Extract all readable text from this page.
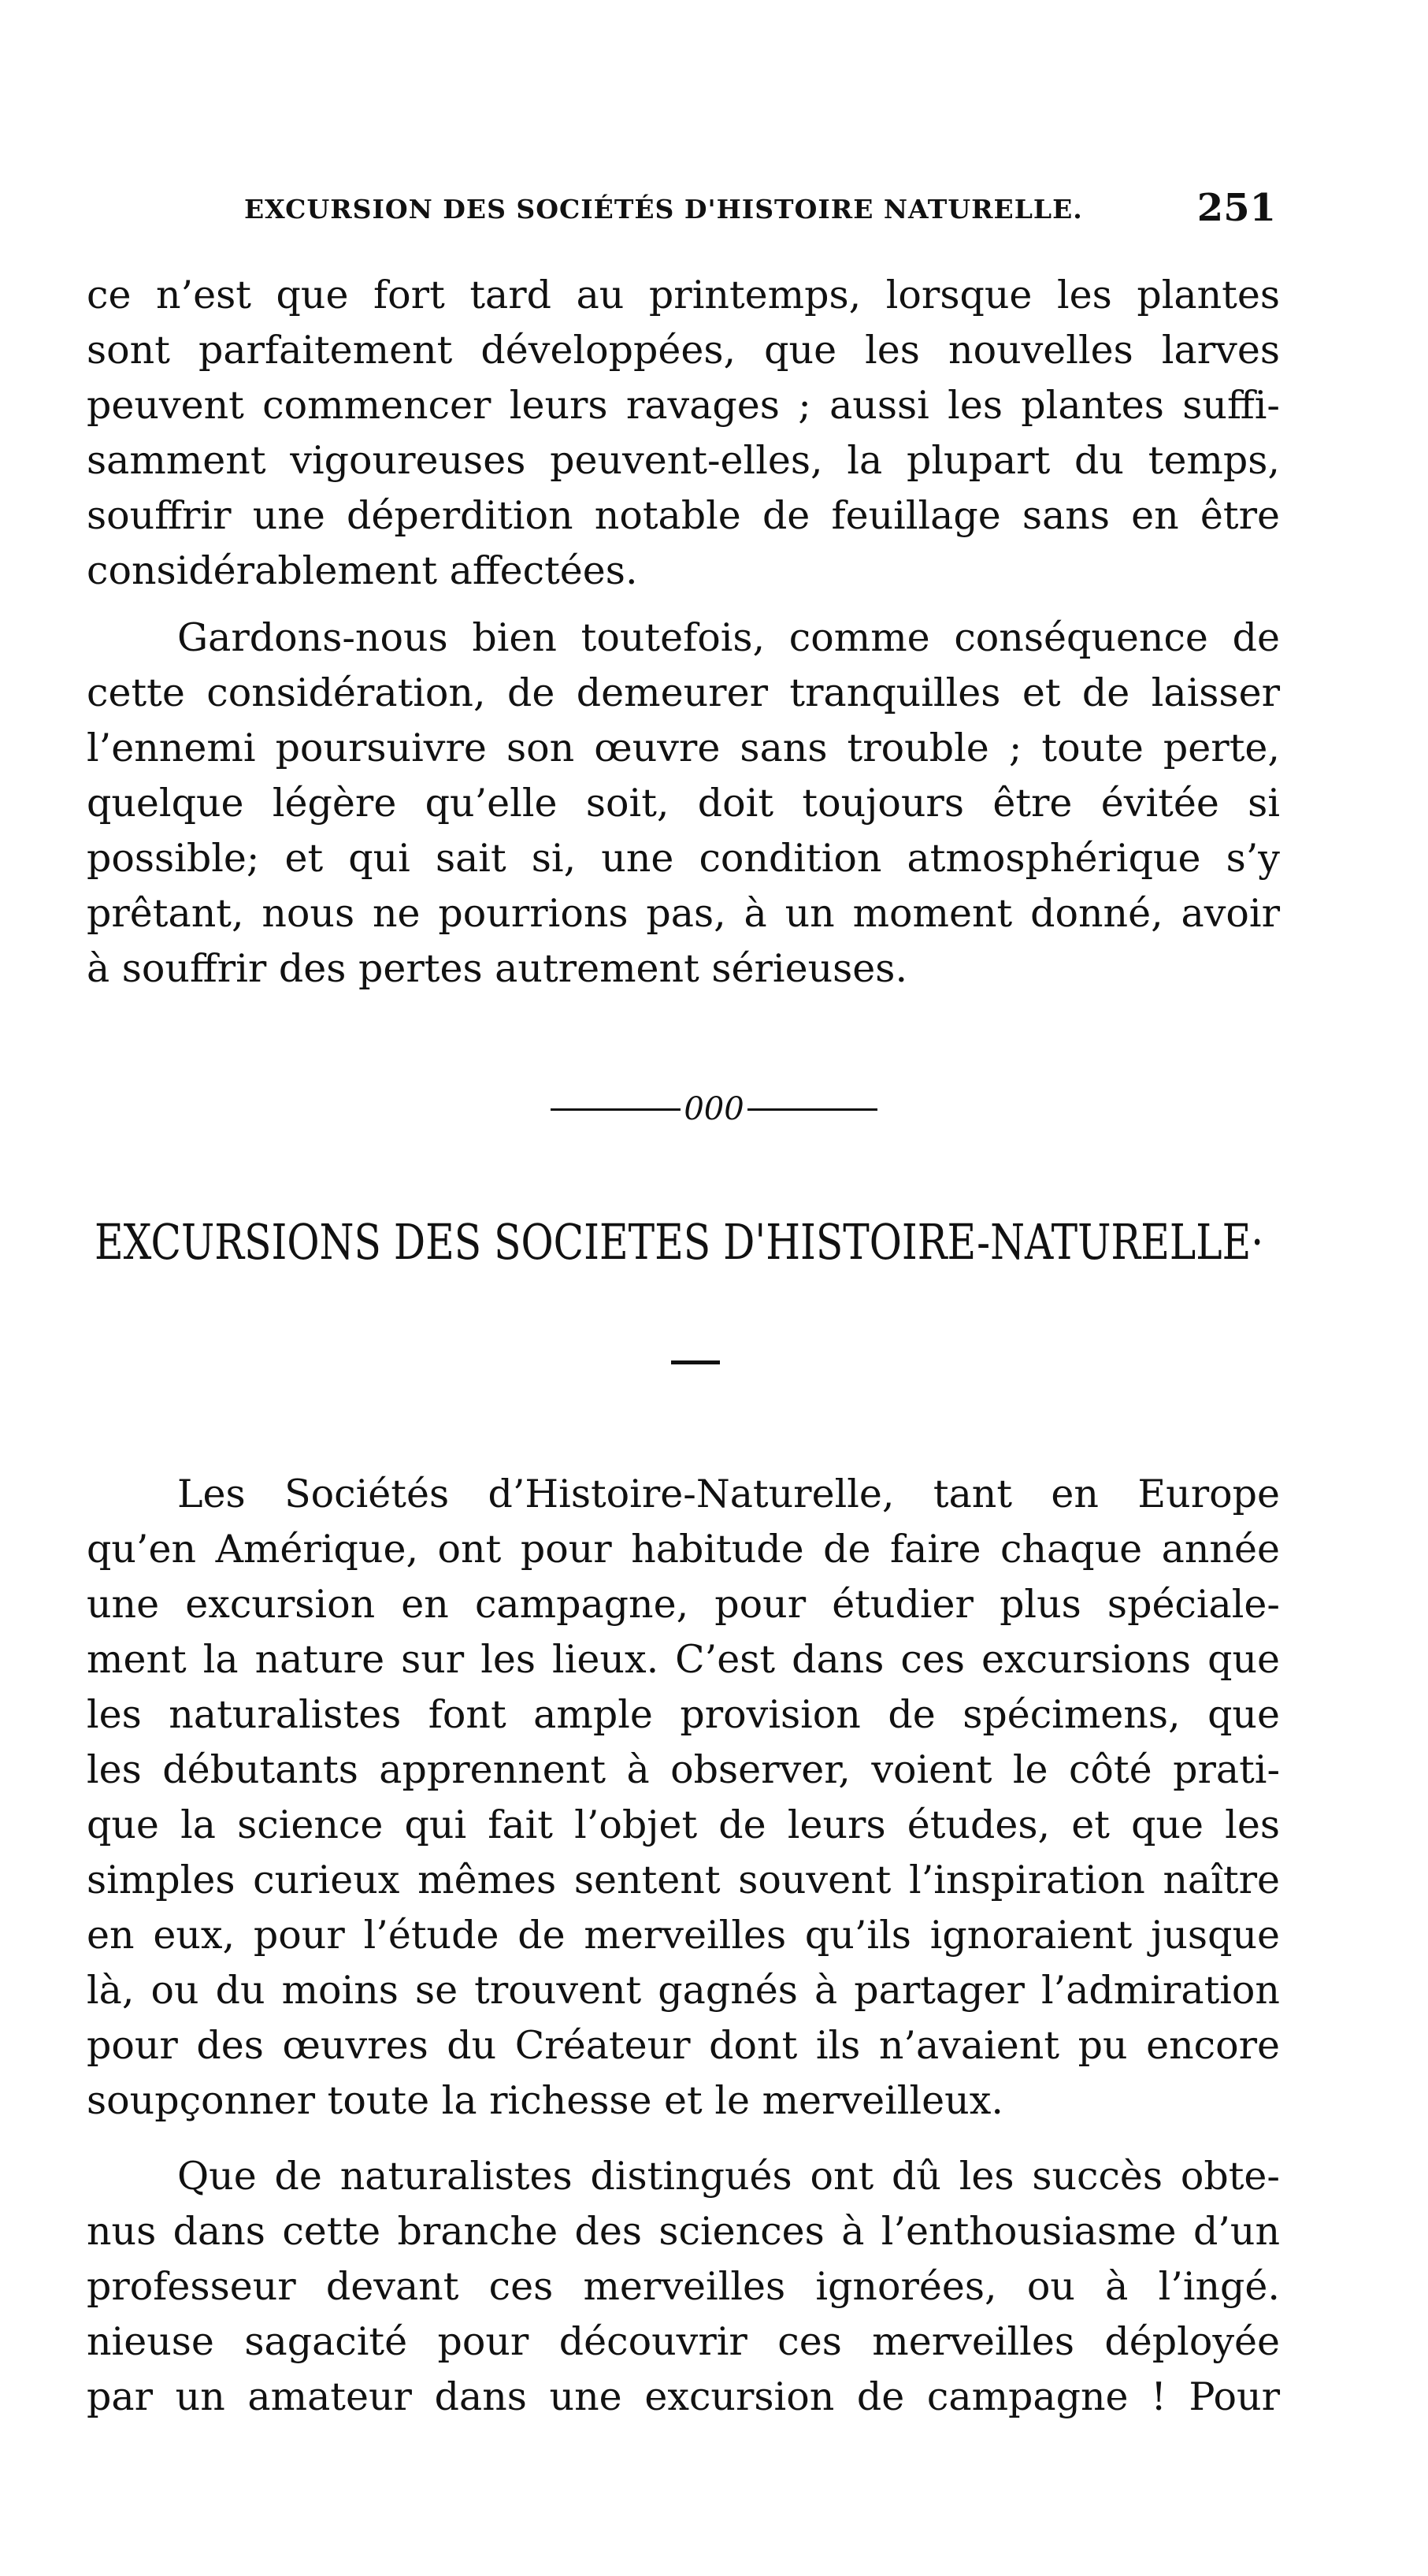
EXCURSION DES SOCIÉTÉS D'HISTOIRE NATURELLE.	251

ce n’est que fort tard au printemps, lorsque les plantes
sont parfaitement développées, que les nouvelles larves
peuvent commencer leurs ravages ; aussi les plantes suffi-
samment vigoureuses peuvent-elles, la plupart du temps,
souffrir une déperdition notable de feuillage sans en être
considérablement affectées.

Gardons-nous bien toutefois, comme conséquence de
cette considération, de demeurer tranquilles et de laisser
l’ennemi poursuivre son œuvre sans trouble ; toute perte,
quelque légère qu’elle soit, doit toujours être évitée si
possible; et qui sait si, une condition atmosphérique s’y
prêtant, nous ne pourrions pas, à un moment donné, avoir
à souffrir des pertes autrement sérieuses.

000
EXCURSIONS DES SOCIETES D'HISTOIRE-NATURELLE·

Les Sociétés d’Histoire-Naturelle, tant en Europe
qu’en Amérique, ont pour habitude de faire chaque année
une excursion en campagne, pour étudier plus spéciale-
ment la nature sur les lieux. C’est dans ces excursions que
les naturalistes font ample provision de spécimens, que
les débutants apprennent à observer, voient le côté prati-
que la science qui fait l’objet de leurs études, et que les
simples curieux mêmes sentent souvent l’inspiration naître
en eux, pour l’étude de merveilles qu’ils ignoraient jusque
là, ou du moins se trouvent gagnés à partager l’admiration
pour des œuvres du Créateur dont ils n’avaient pu encore
soupçonner toute la richesse et le merveilleux.

Que de naturalistes distingués ont dû les succès obte-
nus dans cette branche des sciences à l’enthousiasme d’un
professeur devant ces merveilles ignorées, ou à l’ingé.
nieuse sagacité pour découvrir ces merveilles déployée
par un amateur dans une excursion de campagne ! Pour
